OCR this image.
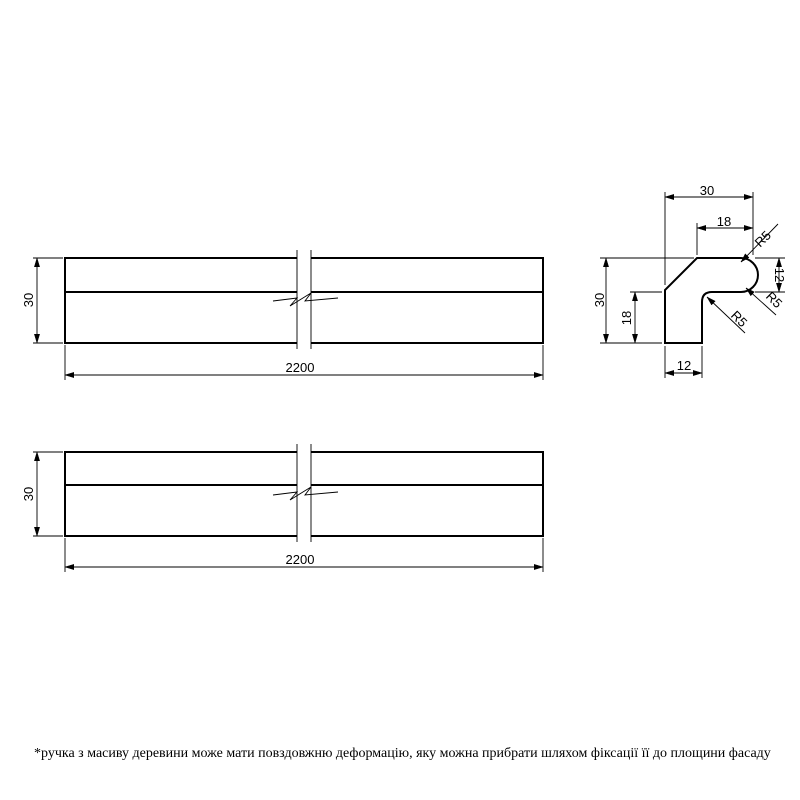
30
2200
30
2200
30
18
30
18
12
12
R5
R5
R5
*ручка з масиву деревини може мати повздовжню деформацію, яку можна прибрати шляхом фіксації її до площини фасаду
